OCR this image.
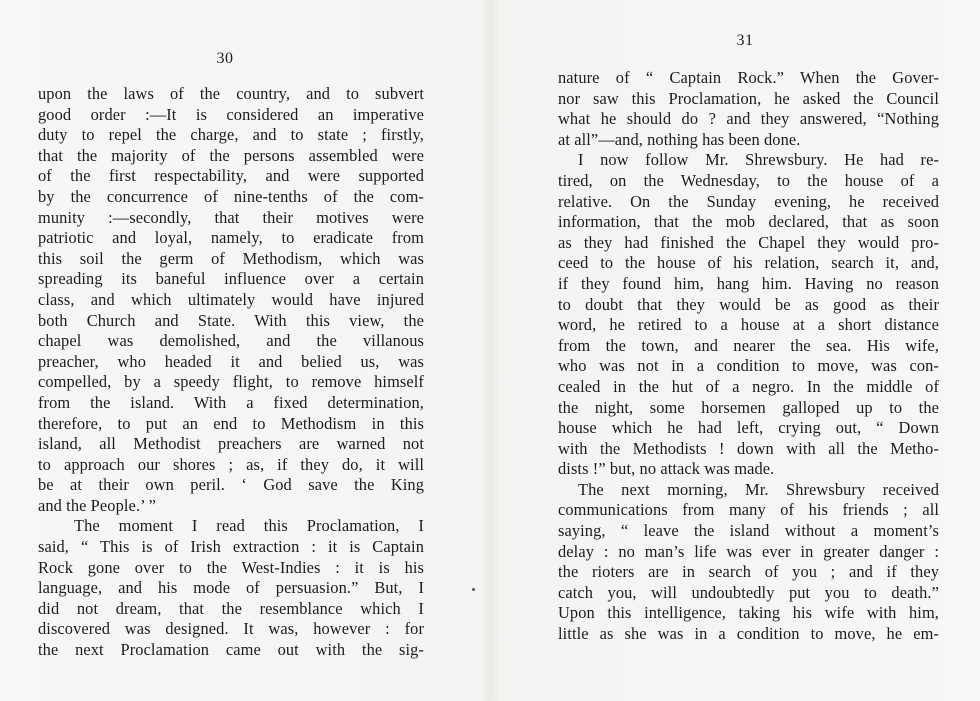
30
upon the laws of the country, and to subvert
good order :—It is considered an imperative
duty to repel the charge, and to state ; firstly,
that the majority of the persons assembled were
of the first respectability, and were supported
by the concurrence of nine-tenths of the com-
munity :—secondly, that their motives were
patriotic and loyal, namely, to eradicate from
this soil the germ of Methodism, which was
spreading its baneful influence over a certain
class, and which ultimately would have injured
both Church and State. With this view, the
chapel was demolished, and the villanous
preacher, who headed it and belied us, was
compelled, by a speedy flight, to remove himself
from the island. With a fixed determination,
therefore, to put an end to Methodism in this
island, all Methodist preachers are warned not
to approach our shores ; as, if they do, it will
be at their own peril. ‘ God save the King
and the People.’ ”
The moment I read this Proclamation, I
said, “ This is of Irish extraction : it is Captain
Rock gone over to the West-Indies : it is his
language, and his mode of persuasion.” But, I
did not dream, that the resemblance which I
discovered was designed. It was, however : for
the next Proclamation came out with the sig-
31
nature of “ Captain Rock.” When the Gover-
nor saw this Proclamation, he asked the Council
what he should do ? and they answered, “Nothing
at all”—and, nothing has been done.
I now follow Mr. Shrewsbury. He had re-
tired, on the Wednesday, to the house of a
relative. On the Sunday evening, he received
information, that the mob declared, that as soon
as they had finished the Chapel they would pro-
ceed to the house of his relation, search it, and,
if they found him, hang him. Having no reason
to doubt that they would be as good as their
word, he retired to a house at a short distance
from the town, and nearer the sea. His wife,
who was not in a condition to move, was con-
cealed in the hut of a negro. In the middle of
the night, some horsemen galloped up to the
house which he had left, crying out, “ Down
with the Methodists ! down with all the Metho-
dists !” but, no attack was made.
The next morning, Mr. Shrewsbury received
communications from many of his friends ; all
saying, “ leave the island without a moment’s
delay : no man’s life was ever in greater danger :
the rioters are in search of you ; and if they
catch you, will undoubtedly put you to death.”
Upon this intelligence, taking his wife with him,
little as she was in a condition to move, he em-
